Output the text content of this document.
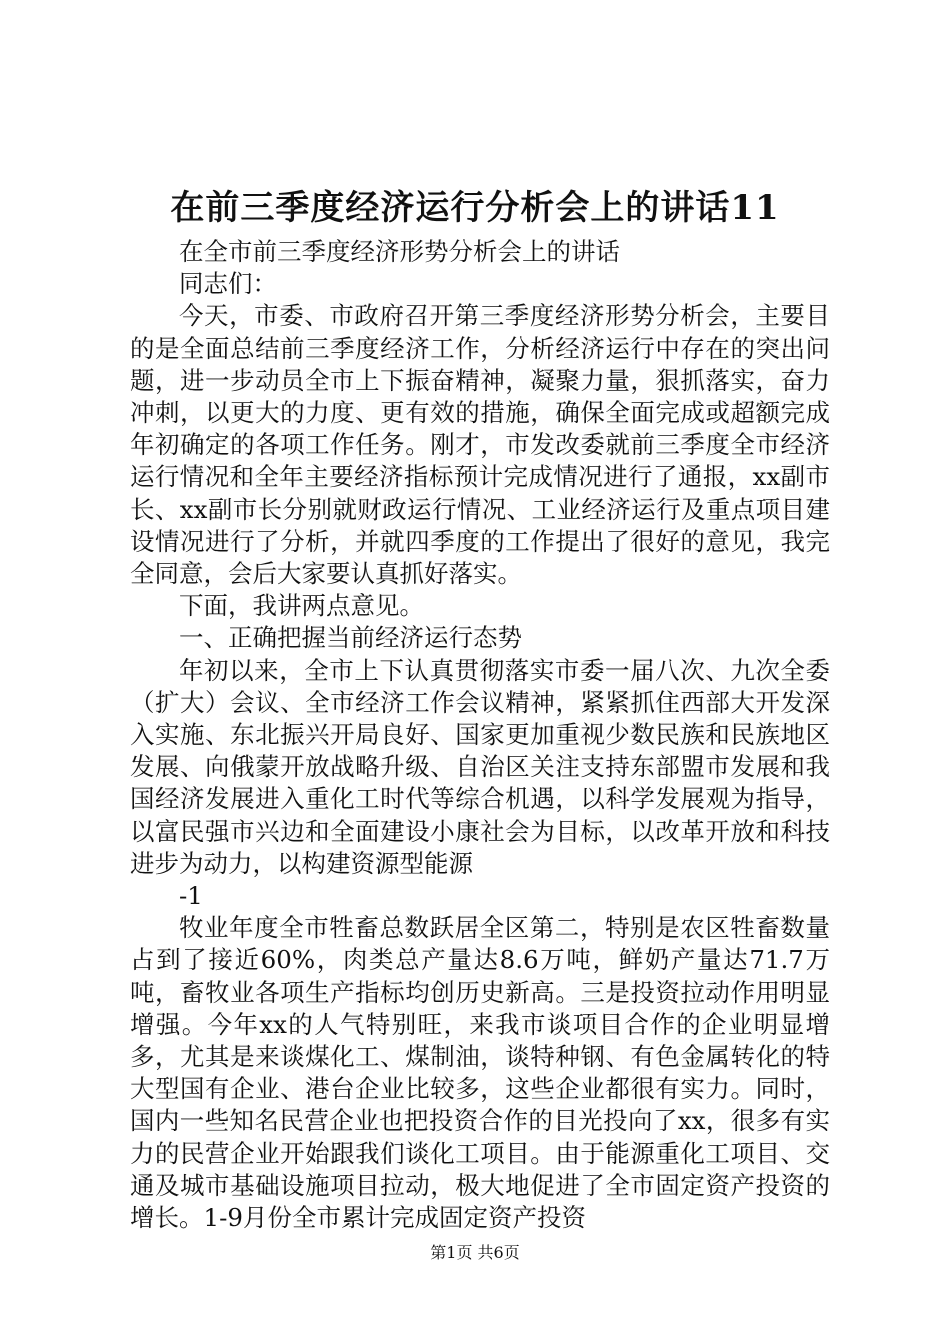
在前三季度经济运行分析会上的讲话11

在全市前三季度经济形势分析会上的讲话

同志们：

今天，市委、市政府召开第三季度经济形势分析会，主要目的是全面总结前三季度经济工作，分析经济运行中存在的突出问题，进一步动员全市上下振奋精神，凝聚力量，狠抓落实，奋力冲刺，以更大的力度、更有效的措施，确保全面完成或超额完成年初确定的各项工作任务。刚才，市发改委就前三季度全市经济运行情况和全年主要经济指标预计完成情况进行了通报，xx副市长、xx副市长分别就财政运行情况、工业经济运行及重点项目建设情况进行了分析，并就四季度的工作提出了很好的意见，我完全同意，会后大家要认真抓好落实。

下面，我讲两点意见。

一、正确把握当前经济运行态势

年初以来，全市上下认真贯彻落实市委一届八次、九次全委（扩大）会议、全市经济工作会议精神，紧紧抓住西部大开发深入实施、东北振兴开局良好、国家更加重视少数民族和民族地区发展、向俄蒙开放战略升级、自治区关注支持东部盟市发展和我国经济发展进入重化工时代等综合机遇，以科学发展观为指导，以富民强市兴边和全面建设小康社会为目标，以改革开放和科技进步为动力，以构建资源型能源

-1

牧业年度全市牲畜总数跃居全区第二，特别是农区牲畜数量占到了接近60%，肉类总产量达8.6万吨，鲜奶产量达71.7万吨，畜牧业各项生产指标均创历史新高。三是投资拉动作用明显增强。今年xx的人气特别旺，来我市谈项目合作的企业明显增多，尤其是来谈煤化工、煤制油，谈特种钢、有色金属转化的特大型国有企业、港台企业比较多，这些企业都很有实力。同时，国内一些知名民营企业也把投资合作的目光投向了xx，很多有实力的民营企业开始跟我们谈化工项目。由于能源重化工项目、交通及城市基础设施项目拉动，极大地促进了全市固定资产投资的增长。1-9月份全市累计完成固定资产投资

第1页 共6页
